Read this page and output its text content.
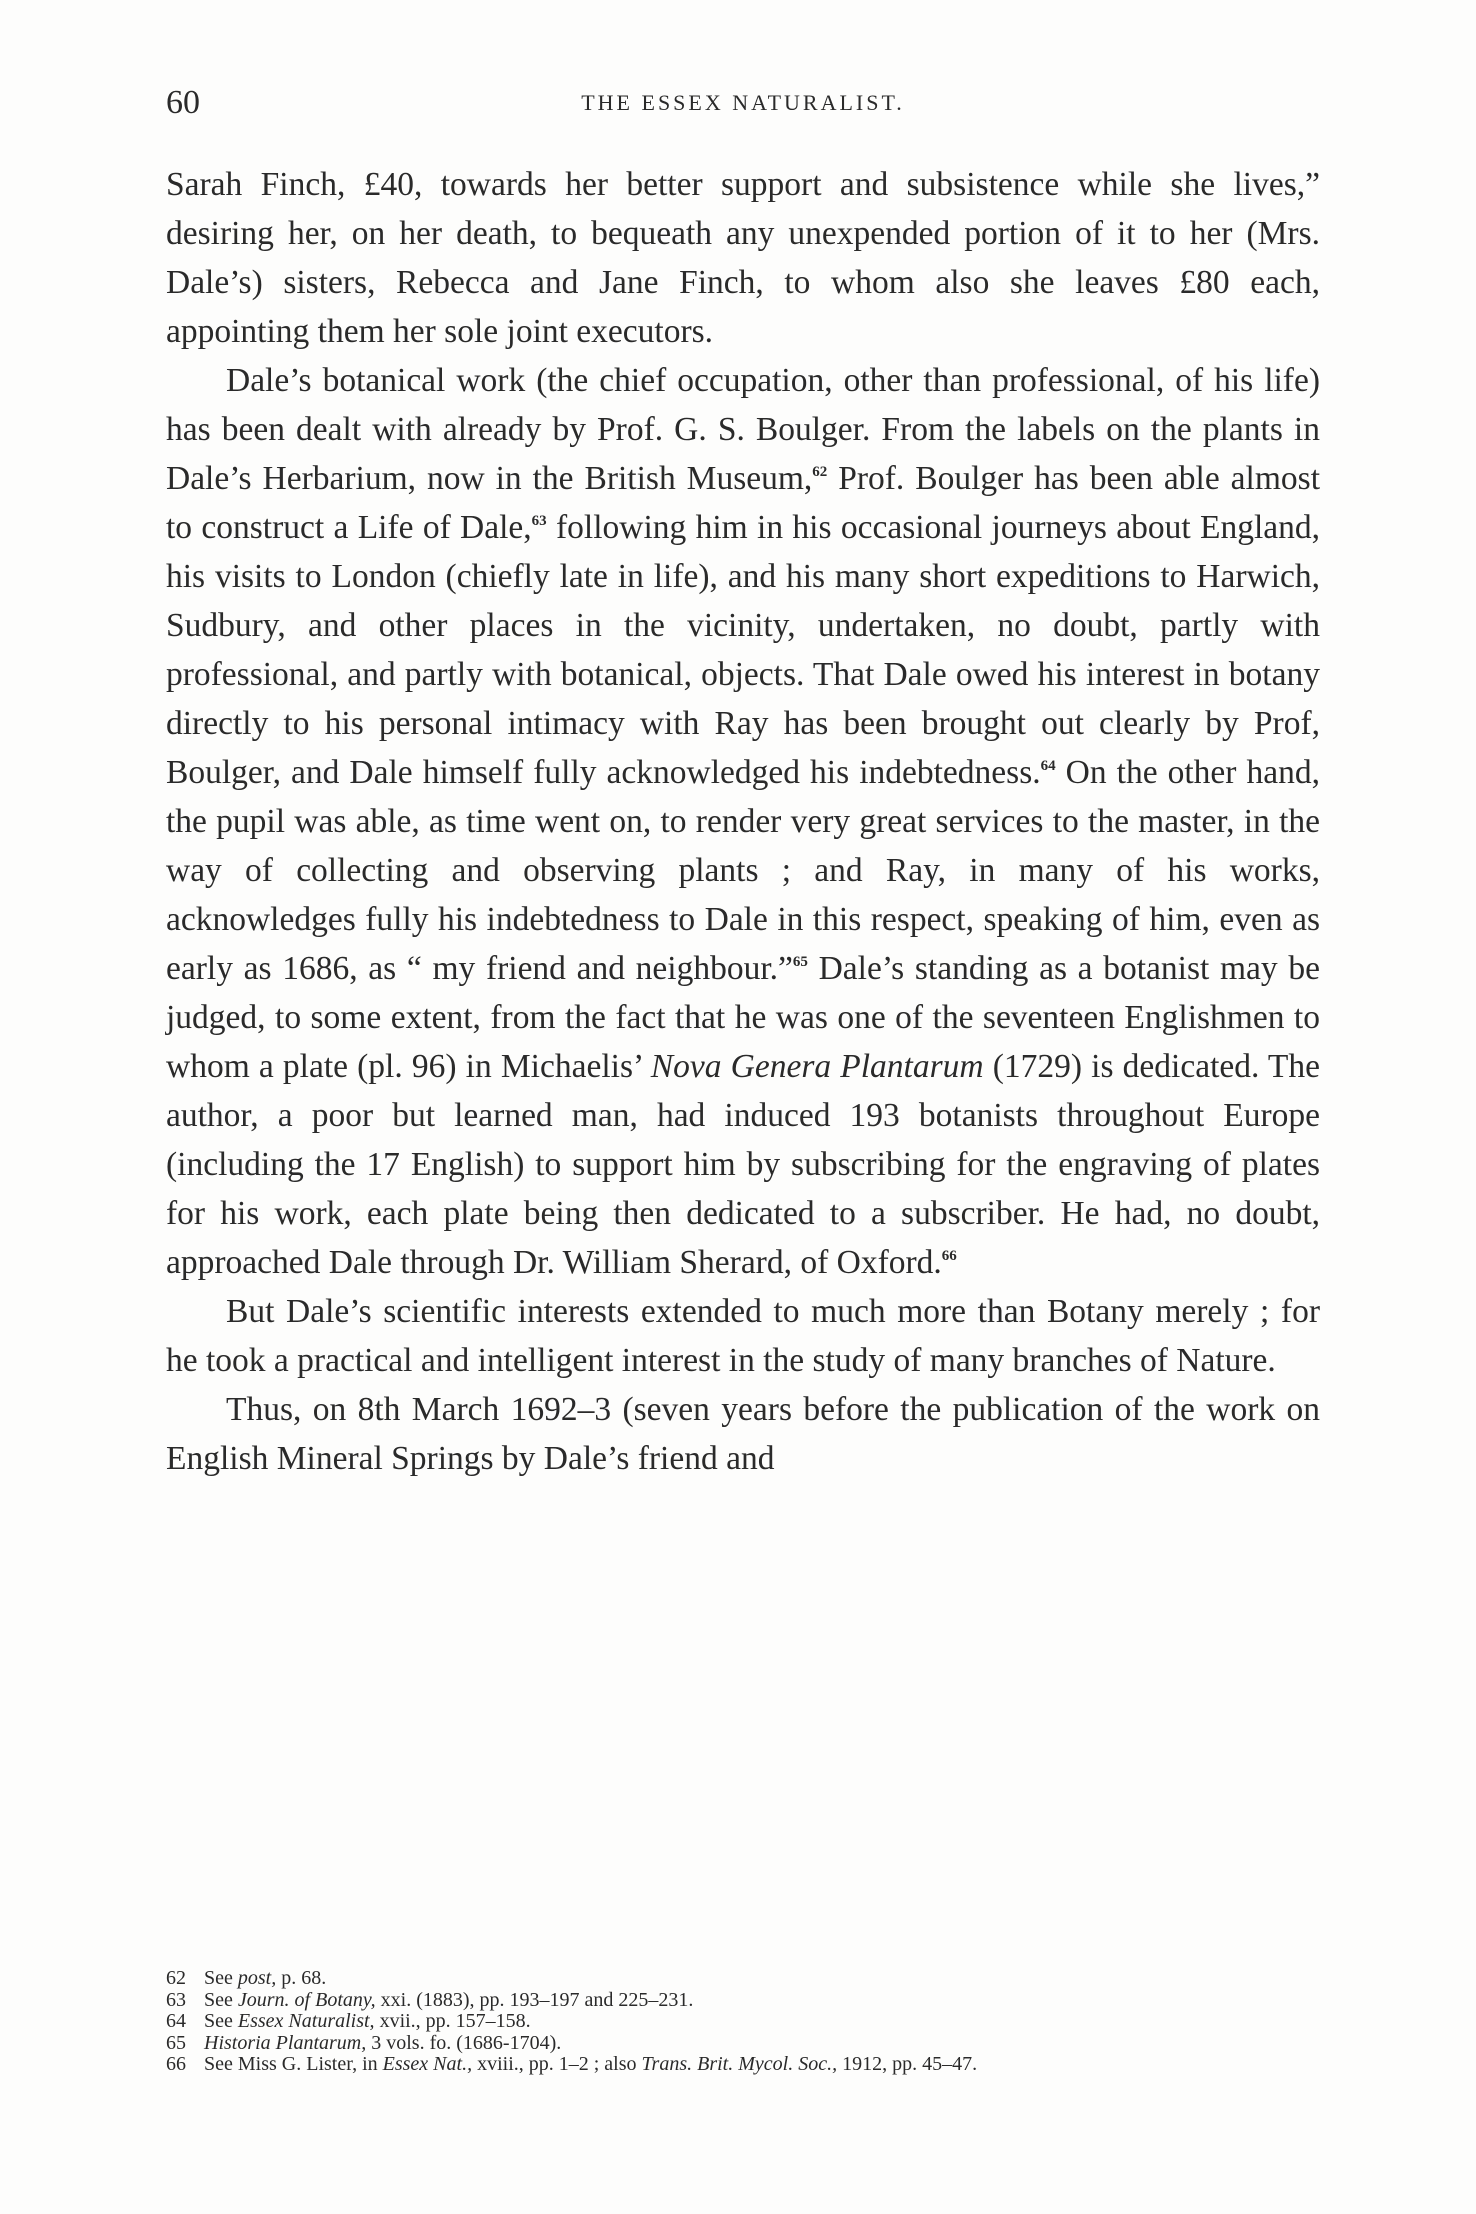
60	THE ESSEX NATURALIST.

Sarah Finch, £40, towards her better support and subsistence while she lives,” desiring her, on her death, to bequeath any unexpended portion of it to her (Mrs. Dale’s) sisters, Rebecca and Jane Finch, to whom also she leaves £80 each, appointing them her sole joint executors.

Dale’s botanical work (the chief occupation, other than professional, of his life) has been dealt with already by Prof. G. S. Boulger. From the labels on the plants in Dale’s Herbarium, now in the British Museum,$^{62}$ Prof. Boulger has been able almost to construct a Life of Dale,$^{63}$ following him in his occasional journeys about England, his visits to London (chiefly late in life), and his many short expeditions to Harwich, Sudbury, and other places in the vicinity, undertaken, no doubt, partly with professional, and partly with botanical, objects. That Dale owed his interest in botany directly to his personal intimacy with Ray has been brought out clearly by Prof, Boulger, and Dale himself fully acknowledged his indebtedness.$^{64}$ On the other hand, the pupil was able, as time went on, to render very great services to the master, in the way of collecting and observing plants ; and Ray, in many of his works, acknowledges fully his indebtedness to Dale in this respect, speaking of him, even as early as 1686, as “ my friend and neighbour.”$^{65}$ Dale’s standing as a botanist may be judged, to some extent, from the fact that he was one of the seventeen Englishmen to whom a plate (pl. 96) in Michaelis’ Nova Genera Plantarum (1729) is dedicated. The author, a poor but learned man, had induced 193 botanists throughout Europe (including the 17 English) to support him by subscribing for the engraving of plates for his work, each plate being then dedicated to a subscriber. He had, no doubt, approached Dale through Dr. William Sherard, of Oxford.$^{66}$

But Dale’s scientific interests extended to much more than Botany merely ; for he took a practical and intelligent interest in the study of many branches of Nature.

Thus, on 8th March 1692–3 (seven years before the publication of the work on English Mineral Springs by Dale’s friend and

62 See post, p. 68.

63 See Journ. of Botany, xxi. (1883), pp. 193–197 and 225–231.

64 See Essex Naturalist, xvii., pp. 157–158.

65 Historia Plantarum, 3 vols. fo. (1686-1704).

66 See Miss G. Lister, in Essex Nat., xviii., pp. 1–2 ; also Trans. Brit. Mycol. Soc., 1912, pp. 45–47.
